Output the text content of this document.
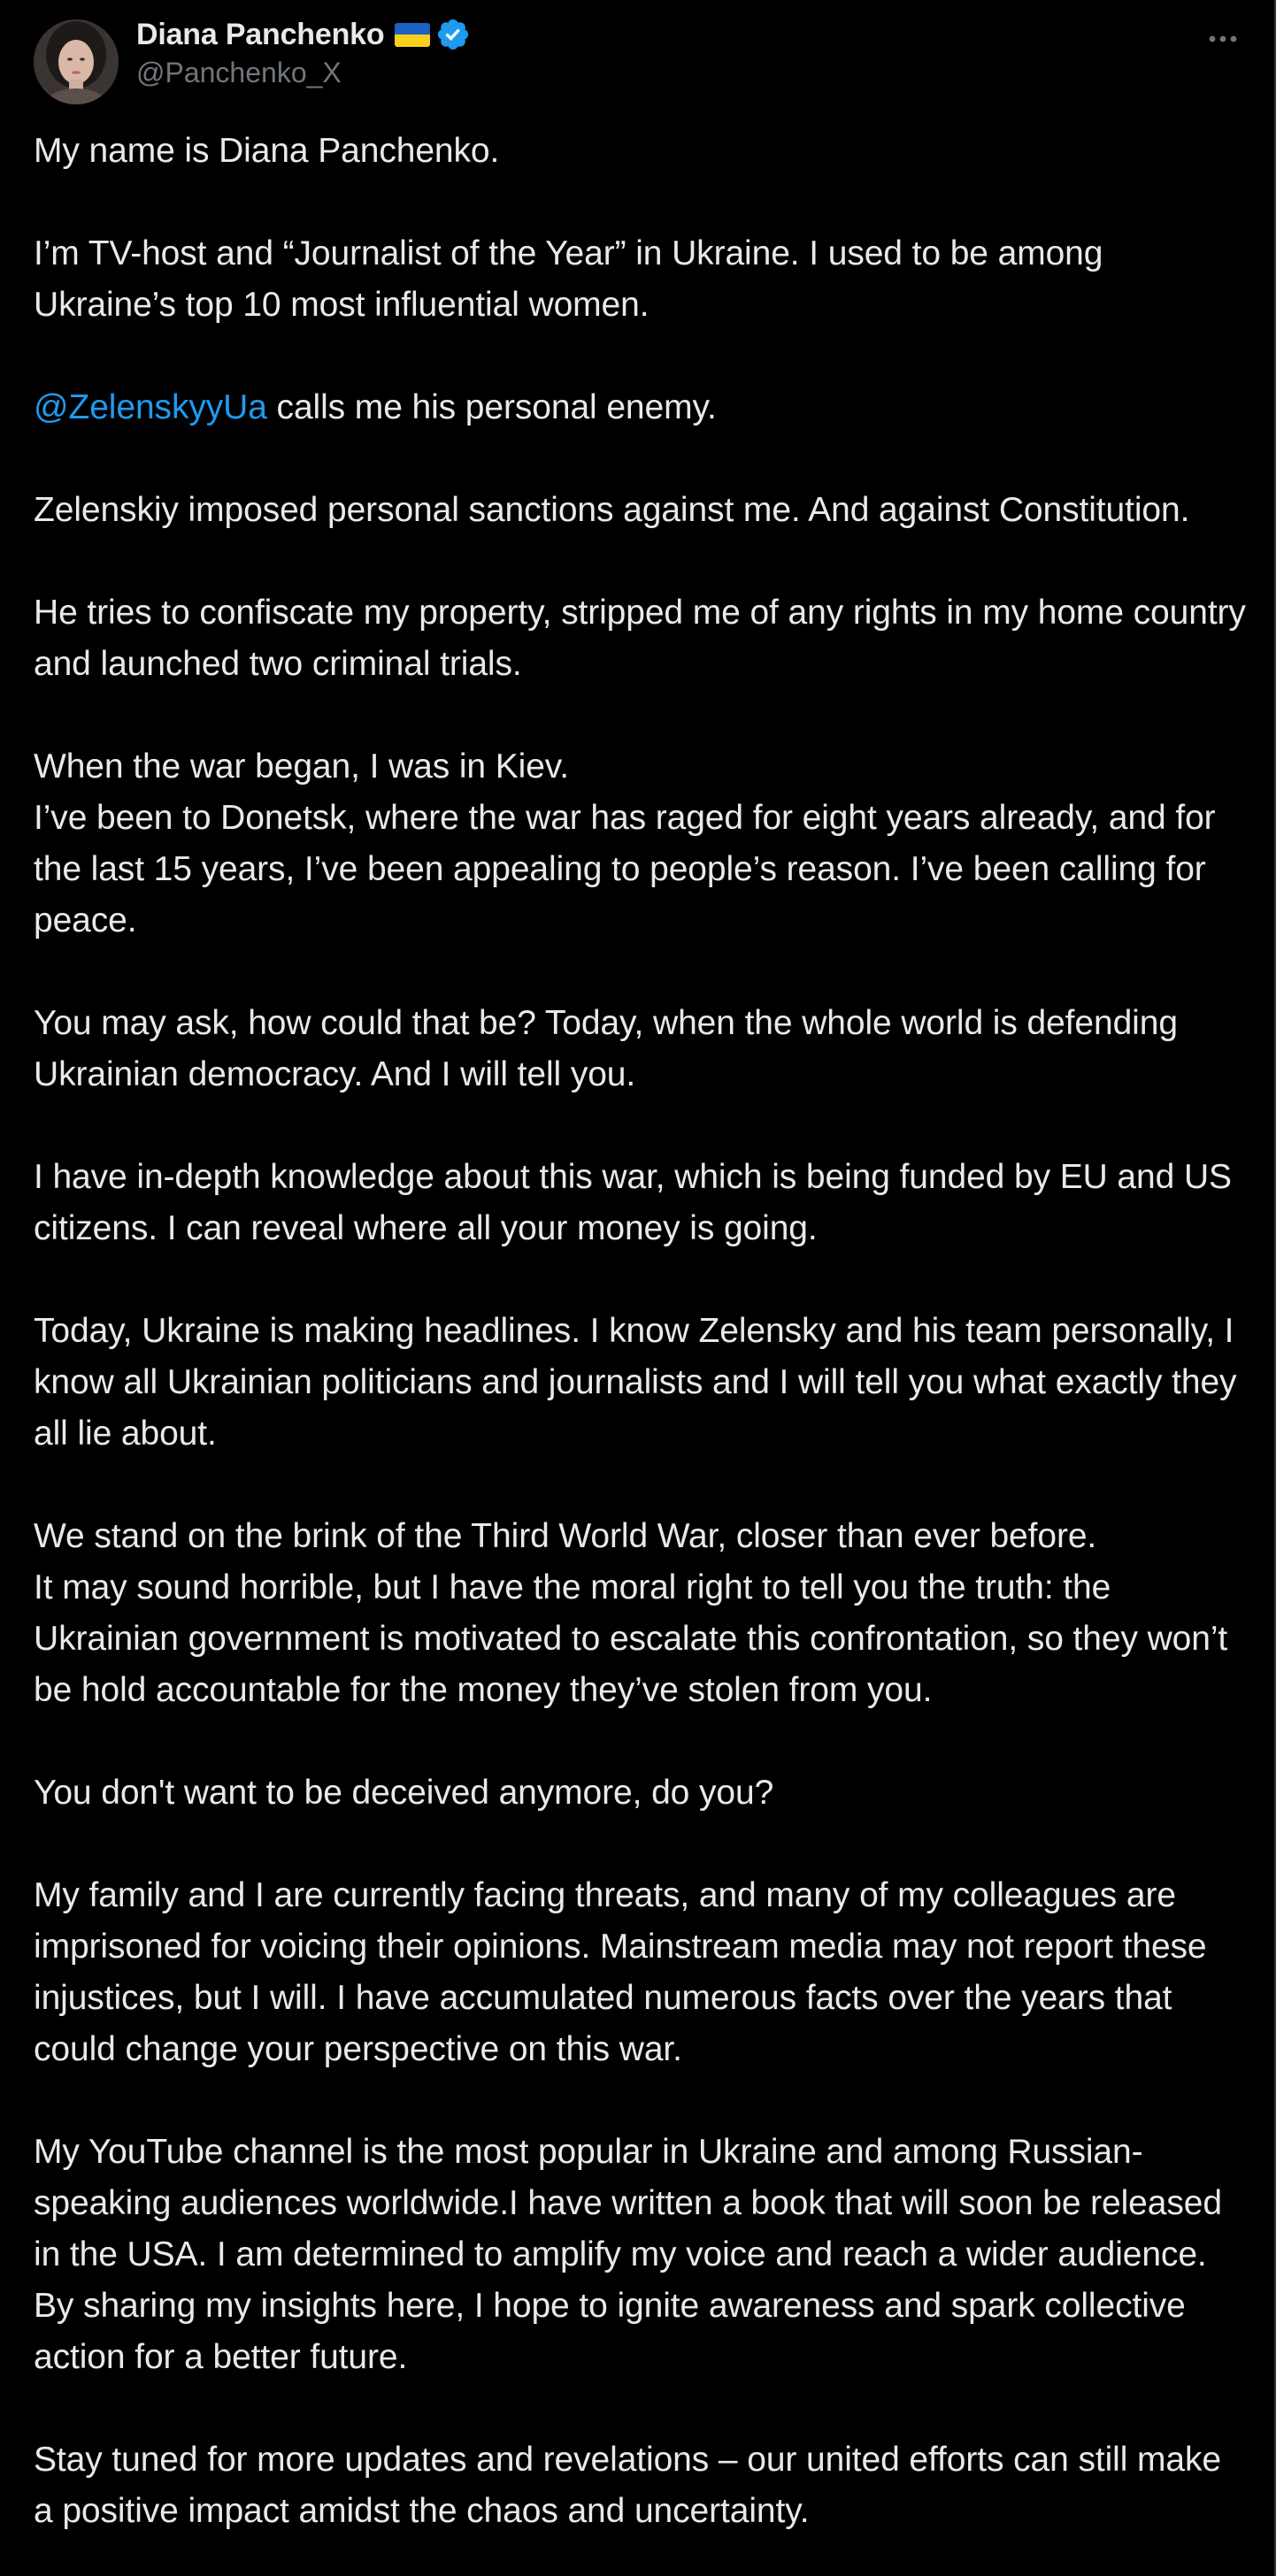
Diana Panchenko
@Panchenko_X

My name is Diana Panchenko.

I’m TV-host and “Journalist of the Year” in Ukraine. I used to be among Ukraine’s top 10 most influential women.

@ZelenskyyUa calls me his personal enemy.

Zelenskiy imposed personal sanctions against me. And against Constitution.

He tries to confiscate my property, stripped me of any rights in my home country and launched two criminal trials.

When the war began, I was in Kiev.
I’ve been to Donetsk, where the war has raged for eight years already, and for the last 15 years, I’ve been appealing to people’s reason. I’ve been calling for peace.

You may ask, how could that be? Today, when the whole world is defending Ukrainian democracy. And I will tell you.

I have in-depth knowledge about this war, which is being funded by EU and US citizens. I can reveal where all your money is going.

Today, Ukraine is making headlines. I know Zelensky and his team personally, I know all Ukrainian politicians and journalists and I will tell you what exactly they all lie about.

We stand on the brink of the Third World War, closer than ever before.
It may sound horrible, but I have the moral right to tell you the truth: the Ukrainian government is motivated to escalate this confrontation, so they won’t be hold accountable for the money they’ve stolen from you.

You don't want to be deceived anymore, do you?

My family and I are currently facing threats, and many of my colleagues are imprisoned for voicing their opinions. Mainstream media may not report these injustices, but I will. I have accumulated numerous facts over the years that could change your perspective on this war.

My YouTube channel is the most popular in Ukraine and among Russian-speaking audiences worldwide.I have written a book that will soon be released in the USA. I am determined to amplify my voice and reach a wider audience. By sharing my insights here, I hope to ignite awareness and spark collective action for a better future.

Stay tuned for more updates and revelations – our united efforts can still make a positive impact amidst the chaos and uncertainty.
